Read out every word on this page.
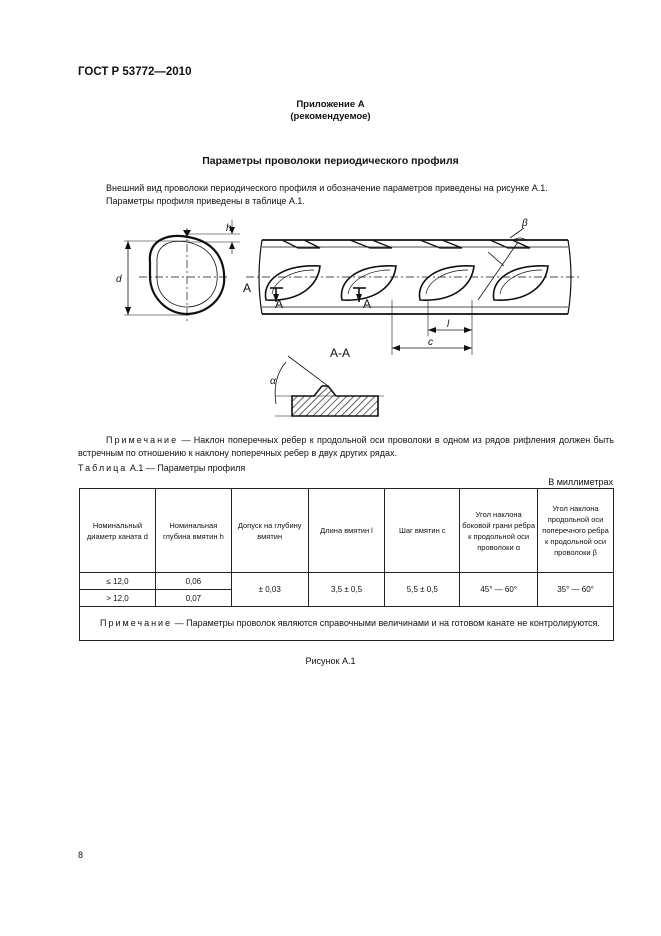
ГОСТ Р 53772—2010
Приложение А
(рекомендуемое)
Параметры проволоки периодического профиля

Внешний вид проволоки периодического профиля и обозначение параметров приведены на рисунке А.1.

Параметры профиля приведены в таблице А.1.

d
h	β
A
A	A
l
c
А-А
α
Примечание — Наклон поперечных ребер к продольной оси проволоки в одном из рядов рифления должен быть встречным по отношению к наклону поперечных ребер в двух других рядах.
Таблица А.1 — Параметры профиля
В миллиметрах
Номинальный диаметр каната d	Номинальная глубина вмятин h	Допуск на глубину вмятин	Длина вмятин l	Шаг вмятин c	Угол наклона боковой грани ребра к продольной оси проволоки α	Угол наклона продольной оси поперечного ребра к продольной оси проволоки β
≤ 12,0	0,06	± 0,03	3,5 ± 0,5	5,5 ± 0,5	45° — 60°	35° — 60°
> 12,0	0,07					
Примечание — Параметры проволок являются справочными величинами и на готовом канате не контролируются.						
Рисунок А.1
8
